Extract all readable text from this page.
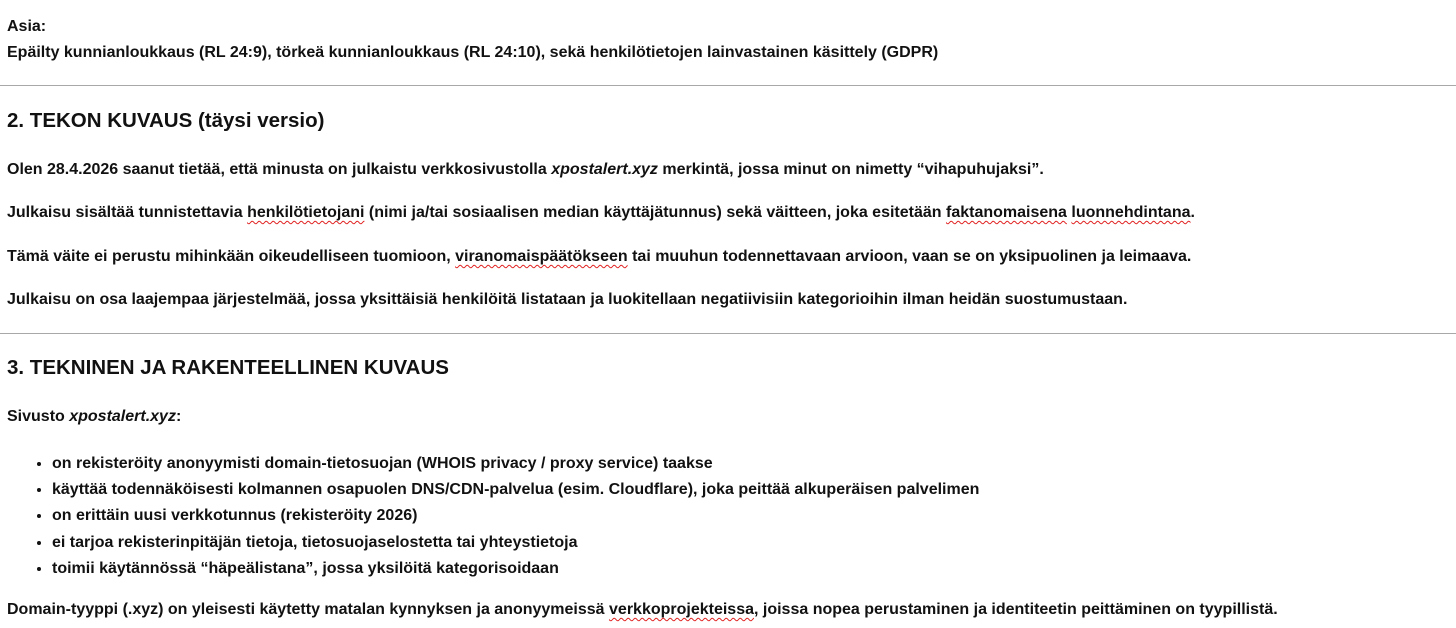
Asia:
Epäilty kunnianloukkaus (RL 24:9), törkeä kunnianloukkaus (RL 24:10), sekä henkilötietojen lainvastainen käsittely (GDPR)
2. TEKON KUVAUS (täysi versio)
Olen 28.4.2026 saanut tietää, että minusta on julkaistu verkkosivustolla xpostalert.xyz merkintä, jossa minut on nimetty “vihapuhujaksi”.
Julkaisu sisältää tunnistettavia henkilötietojani (nimi ja/tai sosiaalisen median käyttäjätunnus) sekä väitteen, joka esitetään faktanomaisena luonnehdintana.
Tämä väite ei perustu mihinkään oikeudelliseen tuomioon, viranomaispäätökseen tai muuhun todennettavaan arvioon, vaan se on yksipuolinen ja leimaava.
Julkaisu on osa laajempaa järjestelmää, jossa yksittäisiä henkilöitä listataan ja luokitellaan negatiivisiin kategorioihin ilman heidän suostumustaan.
3. TEKNINEN JA RAKENTEELLINEN KUVAUS
Sivusto xpostalert.xyz:
• on rekisteröity anonyymisti domain-tietosuojan (WHOIS privacy / proxy service) taakse
• käyttää todennäköisesti kolmannen osapuolen DNS/CDN-palvelua (esim. Cloudflare), joka peittää alkuperäisen palvelimen
• on erittäin uusi verkkotunnus (rekisteröity 2026)
• ei tarjoa rekisterinpitäjän tietoja, tietosuojaselostetta tai yhteystietoja
• toimii käytännössä “häpeälistana”, jossa yksilöitä kategorisoidaan
Domain-tyyppi (.xyz) on yleisesti käytetty matalan kynnyksen ja anonyymeissä verkkoprojekteissa, joissa nopea perustaminen ja identiteetin peittäminen on tyypillistä.
